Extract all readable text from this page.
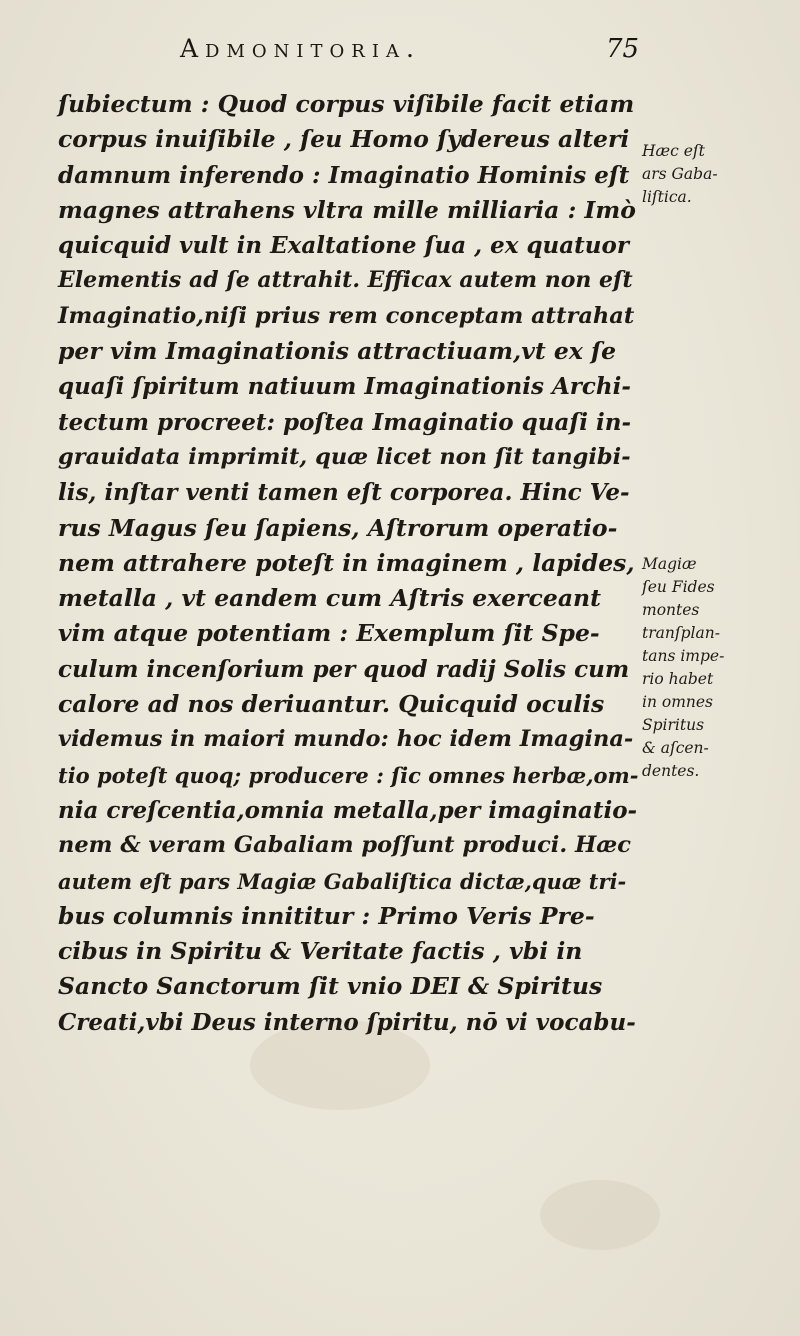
Admonitoria.	75
ſubiectum : Quod corpus viſibile facit etiam
corpus inuiſibile , ſeu Homo ſydereus alteri
damnum inferendo : Imaginatio Hominis eſt
magnes attrahens vltra mille milliaria : Imò
quicquid vult in Exaltatione ſua , ex quatuor
Elementis ad ſe attrahit. Efficax autem non eſt
Imaginatio,niſi prius rem conceptam attrahat
per vim Imaginationis attractiuam,vt ex ſe
quaſi ſpiritum natiuum Imaginationis Archi-
tectum procreet: poſtea Imaginatio quaſi in-
grauidata imprimit, quæ licet non ſit tangibi-
lis, inſtar venti tamen eſt corporea. Hinc Ve-
rus Magus ſeu ſapiens, Aſtrorum operatio-
nem attrahere poteſt in imaginem , lapides,
metalla , vt eandem cum Aſtris exerceant
vim atque potentiam : Exemplum ſit Spe-
culum incenſorium per quod radij Solis cum
calore ad nos deriuantur. Quicquid oculis
videmus in maiori mundo: hoc idem Imagina-
tio poteſt quoq; producere : ſic omnes herbæ,om-
nia creſcentia,omnia metalla,per imaginatio-
nem & veram Gabaliam poſſunt produci. Hæc
autem eſt pars Magiæ Gabaliſtica dictæ,quæ tri-
bus columnis innititur : Primo Veris Pre-
cibus in Spiritu & Veritate factis , vbi in
Sancto Sanctorum ſit vnio DEI & Spiritus
Creati,vbi Deus interno ſpiritu, nō vi vocabu-
Hæc eſt
ars Gaba-
liſtica.
Magiæ
ſeu Fides
montes
tranſplan-
tans impe-
rio habet
in omnes
Spiritus
& aſcen-
dentes.
